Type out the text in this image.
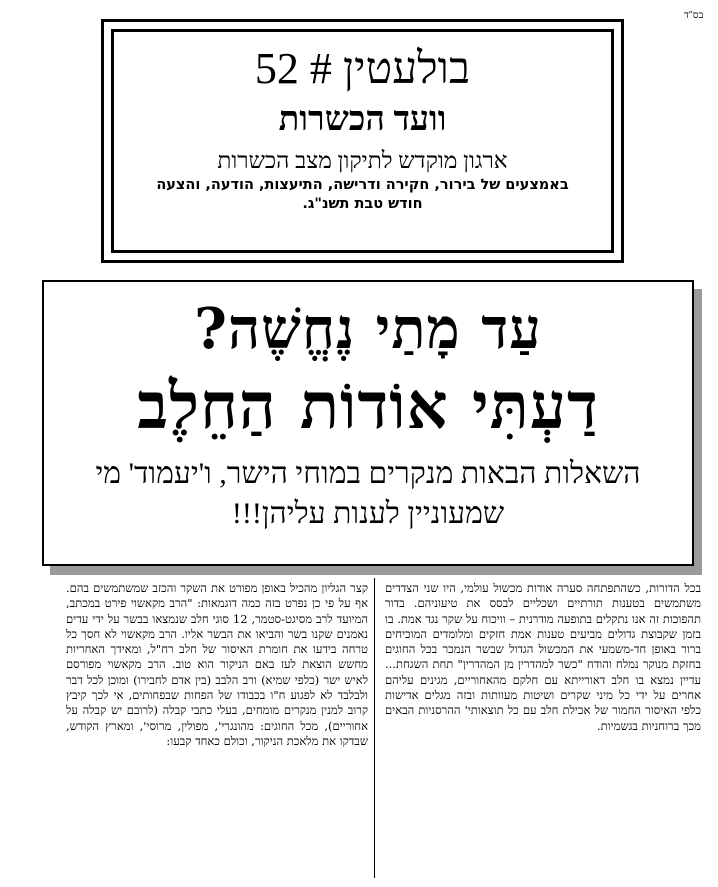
בס"ד
בולעטין # 52
וועד הכשרות
ארגון מוקדש לתיקון מצב הכשרות
באמצעים של בירור, חקירה ודרישה, התיעצות, הודעה, והצעה
חודש טבת תשנ"ג.
עַד מָתַי נֶחֱשֶׁה?
דַעְתִּי אוֹדוֹת הַחֵלֶב
השאלות הבאות מנקרים במוחי הישר, ו'יעמוד' מי שמעוניין לענות עליהן!!!
בכל הדורות, כשהתפתחה סערה אודות מכשול עולמי, היו שני הצדדים משתמשים בטענות תורתיים ושכליים לבסס את טיעוניהם. בדור תהפוכות זה אנו נתקלים בתופעה מודרנית – וויכוח על שקר נגד אמת. בו בזמן שקבוצת גדולים מביעים טענות אמת חזקים ומלומדים המוכיחים ברור באופן חד-משמעי את המכשול הגדול שבשר הנמכר בכל החוגים בחזקת מנוקר נמלח והודח "כשר למהדרין מן המהדרין" תחת השגחת... עדיין נמצא בו חלב דאורייתא עם חלקם מהאחוריים, מגינים עליהם אחרים על ידי כל מיני שקרים ושיטות מעוותות ובזה מגלים אדישות כלפי האיסור החמור של אכילת חלב עם כל תוצאותי' ההרסניות הבאים מכך ברוחניות בגשמיות.
קצר הגליון מהכיל באופן מפורט את השקר והכזב שמשתמשים בהם. אף על פי כן נפרט בזה כמה דוגמאות: "הרב מקאשוי פירט במכתב, המיועד לרב מסיגט-סטמר, 12 סוגי חלב שנמצאו בבשר על ידי עדים נאמנים שקנו בשר והביאו את הבשר אליו. הרב מקאשוי לא חסך כל טרחה בידעו את חומרת האיסור של חלב רח"ל, ומאידך האחריות מחשש הוצאת לעז באם הניקור הוא טוב. הרב מקאשוי מפורסם לאיש ישר (כלפי שמיא) ורב הלבב (בין אדם לחבירו) ומוכן לכל דבר ולבלבד לא לפגוע ח"ו בכבודו של הפחות שבפחותים, אי לכך קיבץ קרוב למנין מנקרים מומחים, בעלי כתבי קבלה (לרובם יש קבלה על אחוריים), מכל החוגים: מהונגרי', מפולין, מרוסי', ומארץ הקודש, שבדקו את מלאכת הניקור, וכולם כאחד קבעו:
